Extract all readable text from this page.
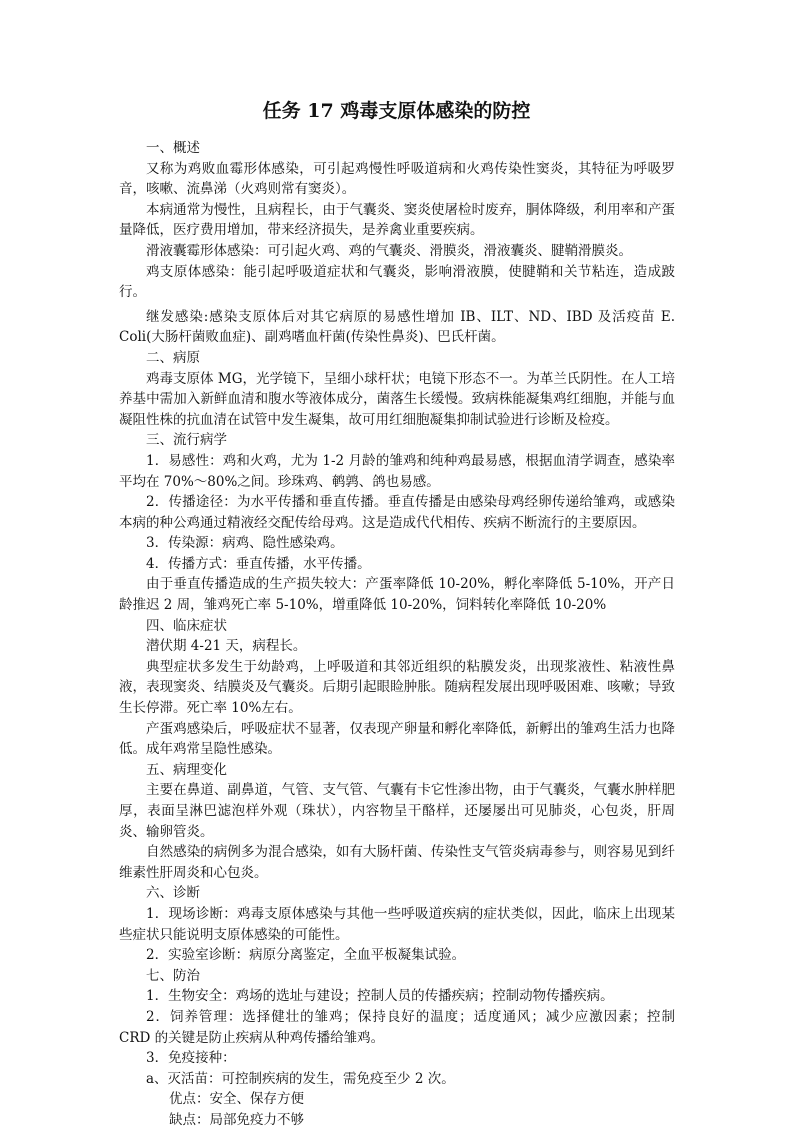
任务 17 鸡毒支原体感染的防控

一、概述

又称为鸡败血霉形体感染，可引起鸡慢性呼吸道病和火鸡传染性窦炎，其特征为呼吸罗音，咳嗽、流鼻涕（火鸡则常有窦炎）。

本病通常为慢性，且病程长，由于气囊炎、窦炎使屠检时废弃，胴体降级，利用率和产蛋量降低，医疗费用增加，带来经济损失，是养禽业重要疾病。

滑液囊霉形体感染：可引起火鸡、鸡的气囊炎、滑膜炎，滑液囊炎、腱鞘滑膜炎。

鸡支原体感染：能引起呼吸道症状和气囊炎，影响滑液膜，使腱鞘和关节粘连，造成跛行。

继发感染:感染支原体后对其它病原的易感性增加 IB、ILT、ND、IBD 及活疫苗 E. Coli(大肠杆菌败血症)、副鸡嗜血杆菌(传染性鼻炎)、巴氏杆菌。

二、病原

鸡毒支原体 MG，光学镜下，呈细小球杆状；电镜下形态不一。为革兰氏阴性。在人工培养基中需加入新鲜血清和腹水等液体成分，菌落生长缓慢。致病株能凝集鸡红细胞，并能与血凝阻性株的抗血清在试管中发生凝集，故可用红细胞凝集抑制试验进行诊断及检疫。

三、流行病学

1．易感性：鸡和火鸡，尤为 1-2 月龄的雏鸡和纯种鸡最易感，根据血清学调查，感染率平均在 70%～80%之间。珍珠鸡、鹌鹑、鸽也易感。

2．传播途径：为水平传播和垂直传播。垂直传播是由感染母鸡经卵传递给雏鸡，或感染本病的种公鸡通过精液经交配传给母鸡。这是造成代代相传、疾病不断流行的主要原因。

3．传染源：病鸡、隐性感染鸡。

4．传播方式：垂直传播，水平传播。

由于垂直传播造成的生产损失较大：产蛋率降低 10-20%，孵化率降低 5-10%，开产日龄推迟 2 周，雏鸡死亡率 5-10%，增重降低 10-20%，饲料转化率降低 10-20%

四、临床症状

潜伏期 4-21 天，病程长。

典型症状多发生于幼龄鸡，上呼吸道和其邻近组织的粘膜发炎，出现浆液性、粘液性鼻液，表现窦炎、结膜炎及气囊炎。后期引起眼睑肿胀。随病程发展出现呼吸困难、咳嗽；导致生长停滞。死亡率 10%左右。

产蛋鸡感染后，呼吸症状不显著，仅表现产卵量和孵化率降低，新孵出的雏鸡生活力也降低。成年鸡常呈隐性感染。

五、病理变化

主要在鼻道、副鼻道，气管、支气管、气囊有卡它性渗出物，由于气囊炎，气囊水肿样肥厚，表面呈淋巴滤泡样外观（珠状），内容物呈干酪样，还屡屡出可见肺炎，心包炎，肝周炎、输卵管炎。

自然感染的病例多为混合感染，如有大肠杆菌、传染性支气管炎病毒参与，则容易见到纤维素性肝周炎和心包炎。

六、诊断

1．现场诊断：鸡毒支原体感染与其他一些呼吸道疾病的症状类似，因此，临床上出现某些症状只能说明支原体感染的可能性。

2．实验室诊断：病原分离鉴定，全血平板凝集试验。

七、防治

1．生物安全：鸡场的选址与建设；控制人员的传播疾病；控制动物传播疾病。

2．饲养管理：选择健壮的雏鸡；保持良好的温度；适度通风；减少应激因素；控制 CRD 的关键是防止疾病从种鸡传播给雏鸡。

3．免疫接种：

a、灭活苗：可控制疾病的发生，需免疫至少 2 次。

优点：安全、保存方便

缺点：局部免疫力不够
